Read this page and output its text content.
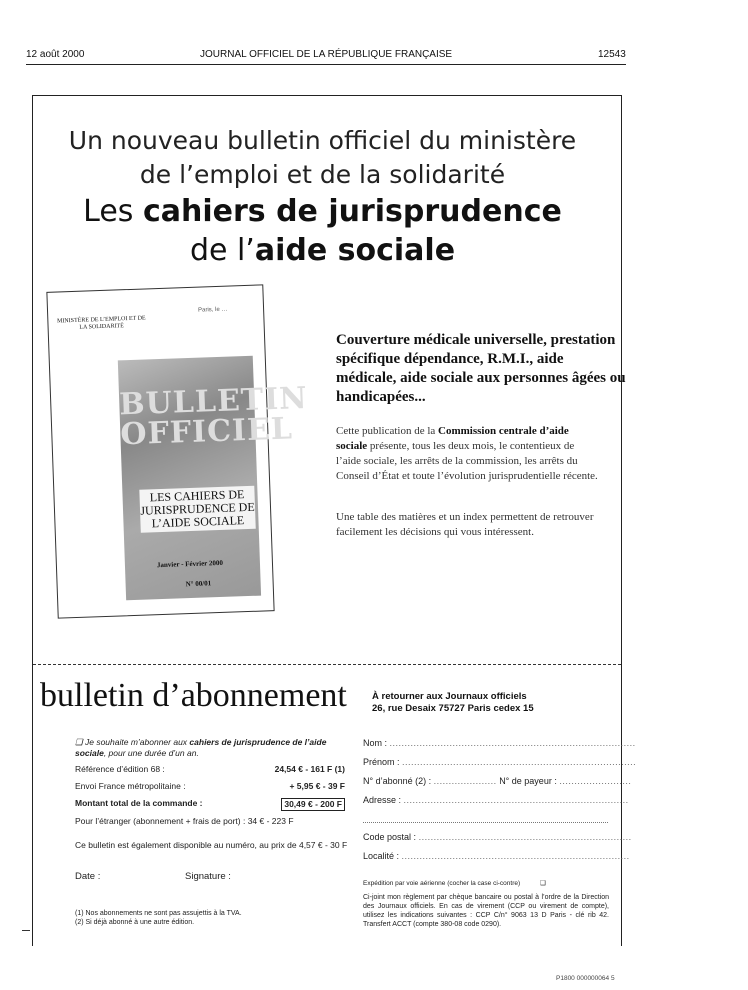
12 août 2000	JOURNAL OFFICIEL DE LA RÉPUBLIQUE FRANÇAISE	12543
Un nouveau bulletin officiel du ministère
de l’emploi et de la solidarité
Les cahiers de jurisprudence
de l’aide sociale
BULLETIN OFFICIEL
MINISTÈRE DE L’EMPLOI ET DE LA SOLIDARITÉ
Paris, le …
LES CAHIERS DE JURISPRUDENCE DE L’AIDE SOCIALE
Janvier - Février 2000
N° 00/01
Couverture médicale universelle, prestation spécifique dépendance, R.M.I., aide médicale, aide sociale aux personnes âgées ou handicapées...
Cette publication de la Commission centrale d’aide sociale présente, tous les deux mois, le contentieux de l’aide sociale, les arrêts de la commission, les arrêts du Conseil d’État et toute l’évolution jurisprudentielle récente.
Une table des matières et un index permettent de retrouver facilement les décisions qui vous intéressent.
bulletin d’abonnement	À retourner aux Journaux officiels
26, rue Desaix 75727 Paris cedex 15
❑ Je souhaite m’abonner aux cahiers de jurisprudence de l’aide sociale, pour une durée d’un an.
Référence d’édition 68 :	24,54 € - 161 F (1)
Envoi France métropolitaine :	+ 5,95 € - 39 F
Montant total de la commande :	30,49 € - 200 F
Pour l’étranger (abonnement + frais de port) : 34 € - 223 F
Ce bulletin est également disponible au numéro, au prix de 4,57 € - 30 F
Date :	Signature :
(1) Nos abonnements ne sont pas assujettis à la TVA.
(2) Si déjà abonné à une autre édition.
Nom : ..................................................................................
Prénom : ..............................................................................
N° d’abonné (2) : ..................... N° de payeur : ........................
Adresse : ...........................................................................
Code postal : .......................................................................
Localité : ............................................................................
Expédition par voie aérienne (cocher la case ci-contre)	❑
Ci-joint mon règlement par chèque bancaire ou postal à l’ordre de la Direction des Journaux officiels. En cas de virement (CCP ou virement de compte), utilisez les indications suivantes : CCP C/n° 9063 13 D Paris - clé rib 42. Transfert ACCT (compte 380-08 code 0290).
P1800 000000064 5
